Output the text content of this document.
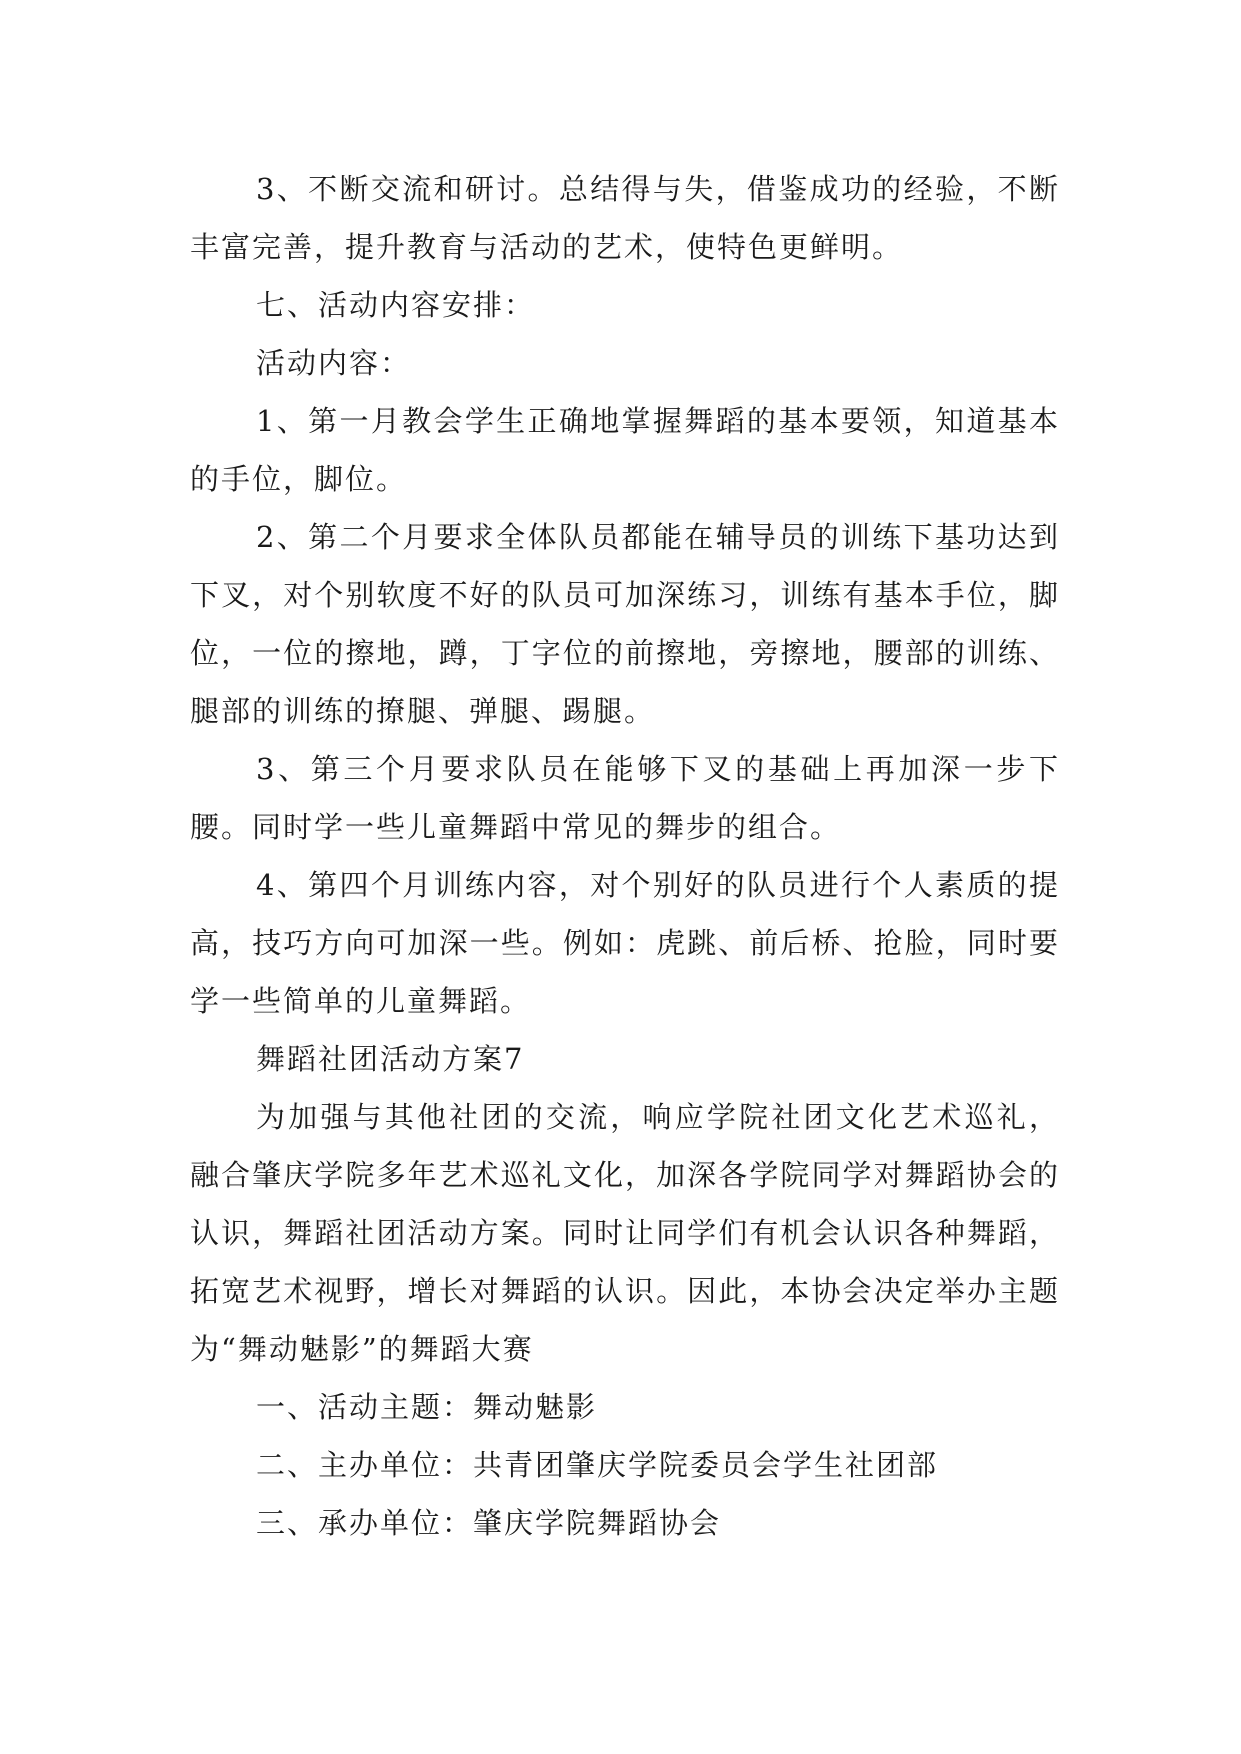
3、不断交流和研讨。总结得与失，借鉴成功的经验，不断丰富完善，提升教育与活动的艺术，使特色更鲜明。

七、活动内容安排：

活动内容：

1、第一月教会学生正确地掌握舞蹈的基本要领，知道基本的手位，脚位。

2、第二个月要求全体队员都能在辅导员的训练下基功达到下叉，对个别软度不好的队员可加深练习，训练有基本手位，脚位，一位的擦地，蹲，丁字位的前擦地，旁擦地，腰部的训练、腿部的训练的撩腿、弹腿、踢腿。

3、第三个月要求队员在能够下叉的基础上再加深一步下腰。同时学一些儿童舞蹈中常见的舞步的组合。

4、第四个月训练内容，对个别好的队员进行个人素质的提高，技巧方向可加深一些。例如：虎跳、前后桥、抢脸，同时要学一些简单的儿童舞蹈。

舞蹈社团活动方案7

为加强与其他社团的交流，响应学院社团文化艺术巡礼，融合肇庆学院多年艺术巡礼文化，加深各学院同学对舞蹈协会的认识，舞蹈社团活动方案。同时让同学们有机会认识各种舞蹈，拓宽艺术视野，增长对舞蹈的认识。因此，本协会决定举办主题为“舞动魅影”的舞蹈大赛

一、活动主题：舞动魅影

二、主办单位：共青团肇庆学院委员会学生社团部

三、承办单位：肇庆学院舞蹈协会
